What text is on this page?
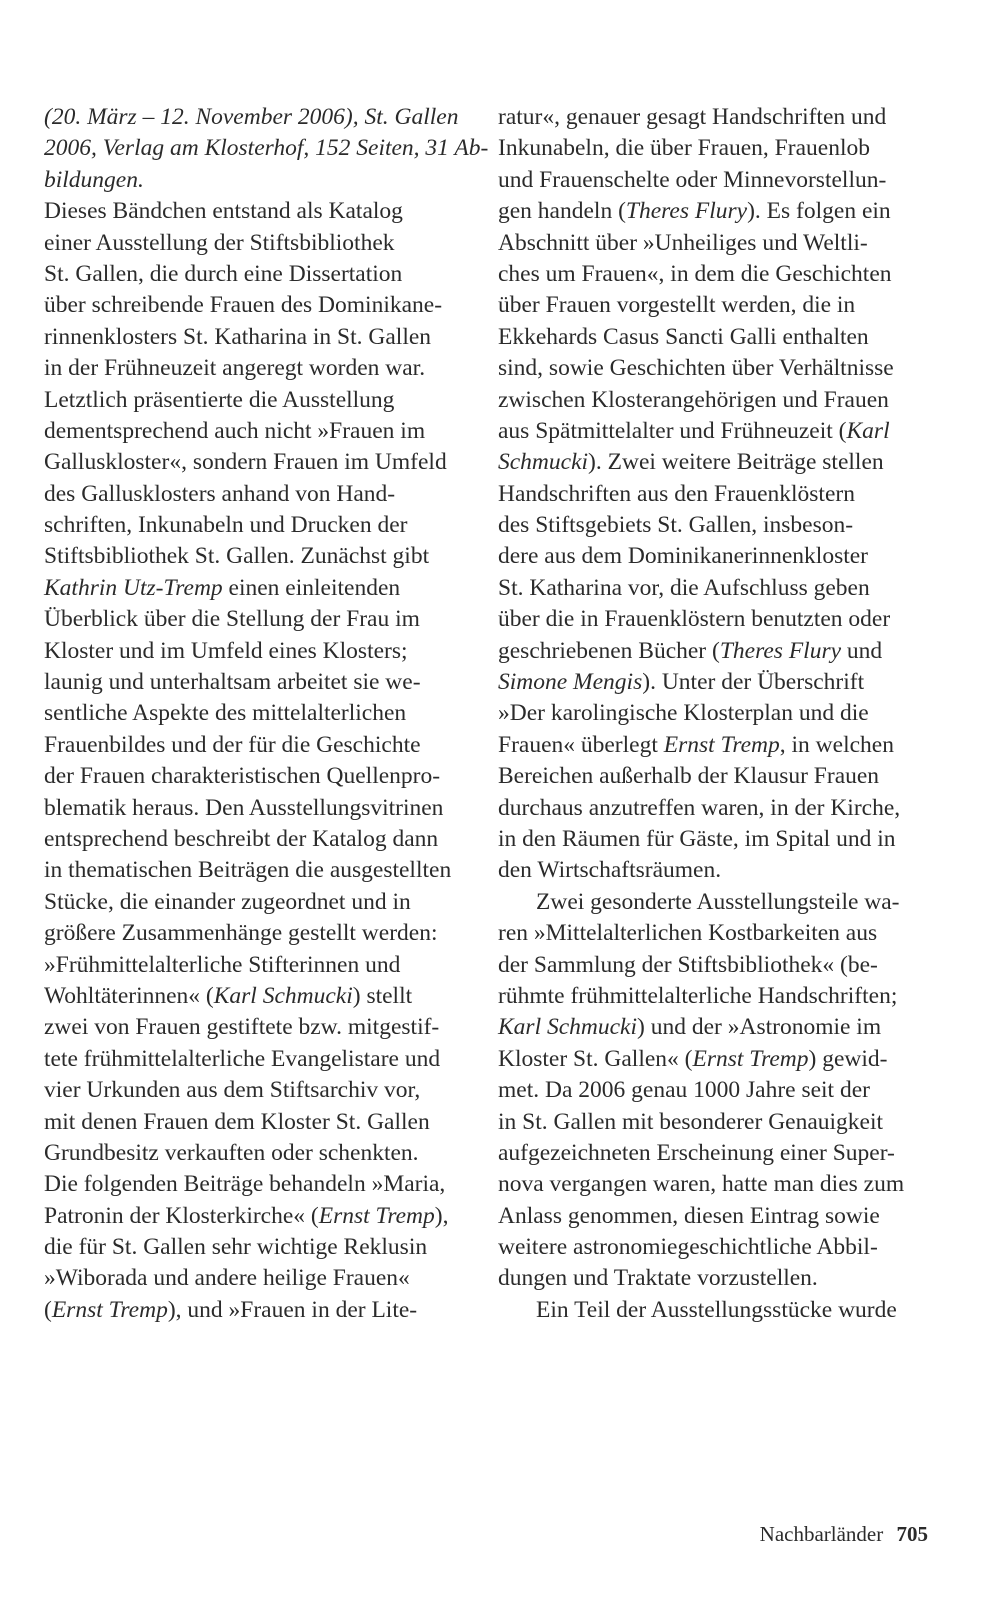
(20. März – 12. November 2006), St. Gallen
2006, Verlag am Klosterhof, 152 Seiten, 31 Ab-
bildungen.
Dieses Bändchen entstand als Katalog
einer Ausstellung der Stiftsbibliothek
St. Gallen, die durch eine Dissertation
über schreibende Frauen des Dominikane-
rinnenklosters St. Katharina in St. Gallen
in der Frühneuzeit angeregt worden war.
Letztlich präsentierte die Ausstellung
dementsprechend auch nicht »Frauen im
Galluskloster«, sondern Frauen im Umfeld
des Gallusklosters anhand von Hand-
schriften, Inkunabeln und Drucken der
Stiftsbibliothek St. Gallen. Zunächst gibt
Kathrin Utz-Tremp einen einleitenden
Überblick über die Stellung der Frau im
Kloster und im Umfeld eines Klosters;
launig und unterhaltsam arbeitet sie we-
sentliche Aspekte des mittelalterlichen
Frauenbildes und der für die Geschichte
der Frauen charakteristischen Quellenpro-
blematik heraus. Den Ausstellungsvitrinen
entsprechend beschreibt der Katalog dann
in thematischen Beiträgen die ausgestellten
Stücke, die einander zugeordnet und in
größere Zusammenhänge gestellt werden:
»Frühmittelalterliche Stifterinnen und
Wohltäterinnen« (Karl Schmucki) stellt
zwei von Frauen gestiftete bzw. mitgestif-
tete frühmittelalterliche Evangelistare und
vier Urkunden aus dem Stiftsarchiv vor,
mit denen Frauen dem Kloster St. Gallen
Grundbesitz verkauften oder schenkten.
Die folgenden Beiträge behandeln »Maria,
Patronin der Klosterkirche« (Ernst Tremp),
die für St. Gallen sehr wichtige Reklusin
»Wiborada und andere heilige Frauen«
(Ernst Tremp), und »Frauen in der Lite-
ratur«, genauer gesagt Handschriften und
Inkunabeln, die über Frauen, Frauenlob
und Frauenschelte oder Minnevorstellun-
gen handeln (Theres Flury). Es folgen ein
Abschnitt über »Unheiliges und Weltli-
ches um Frauen«, in dem die Geschichten
über Frauen vorgestellt werden, die in
Ekkehards Casus Sancti Galli enthalten
sind, sowie Geschichten über Verhältnisse
zwischen Klosterangehörigen und Frauen
aus Spätmittelalter und Frühneuzeit (Karl
Schmucki). Zwei weitere Beiträge stellen
Handschriften aus den Frauenklöstern
des Stiftsgebiets St. Gallen, insbeson-
dere aus dem Dominikanerinnenkloster
St. Katharina vor, die Aufschluss geben
über die in Frauenklöstern benutzten oder
geschriebenen Bücher (Theres Flury und
Simone Mengis). Unter der Überschrift
»Der karolingische Klosterplan und die
Frauen« überlegt Ernst Tremp, in welchen
Bereichen außerhalb der Klausur Frauen
durchaus anzutreffen waren, in der Kirche,
in den Räumen für Gäste, im Spital und in
den Wirtschaftsräumen.
Zwei gesonderte Ausstellungsteile wa-
ren »Mittelalterlichen Kostbarkeiten aus
der Sammlung der Stiftsbibliothek« (be-
rühmte frühmittelalterliche Handschriften;
Karl Schmucki) und der »Astronomie im
Kloster St. Gallen« (Ernst Tremp) gewid-
met. Da 2006 genau 1000 Jahre seit der
in St. Gallen mit besonderer Genauigkeit
aufgezeichneten Erscheinung einer Super-
nova vergangen waren, hatte man dies zum
Anlass genommen, diesen Eintrag sowie
weitere astronomiegeschichtliche Abbil-
dungen und Traktate vorzustellen.
Ein Teil der Ausstellungsstücke wurde
Nachbarländer 705
